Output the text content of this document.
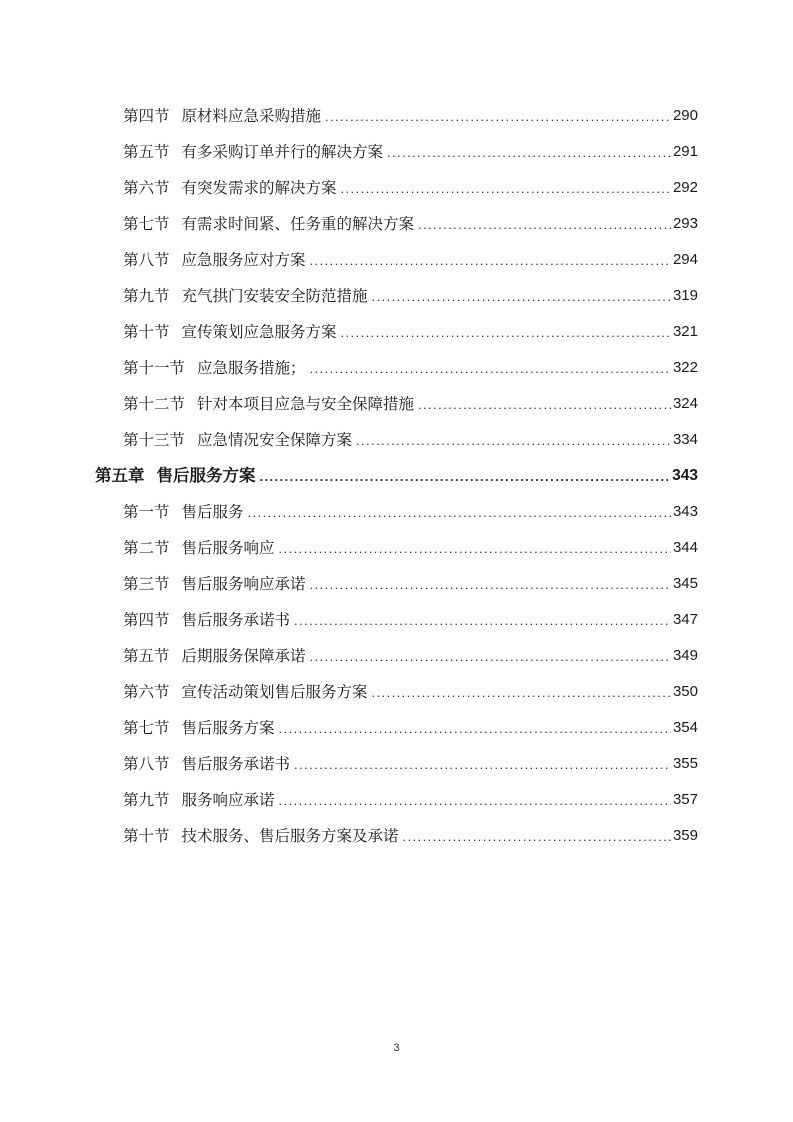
第四节 原材料应急采购措施 .....	290
第五节 有多采购订单并行的解决方案 .....	291
第六节 有突发需求的解决方案 .....	292
第七节 有需求时间紧、任务重的解决方案 .....	293
第八节 应急服务应对方案 .....	294
第九节 充气拱门安装安全防范措施 .....	319
第十节 宣传策划应急服务方案 .....	321
第十一节 应急服务措施； .....	322
第十二节 针对本项目应急与安全保障措施 .....	324
第十三节 应急情况安全保障方案 .....	334
第五章 售后服务方案 .....	343
第一节 售后服务 .....	343
第二节 售后服务响应 .....	344
第三节 售后服务响应承诺 .....	345
第四节 售后服务承诺书 .....	347
第五节 后期服务保障承诺 .....	349
第六节 宣传活动策划售后服务方案 .....	350
第七节 售后服务方案 .....	354
第八节 售后服务承诺书 .....	355
第九节 服务响应承诺 .....	357
第十节 技术服务、售后服务方案及承诺 .....	359
3
